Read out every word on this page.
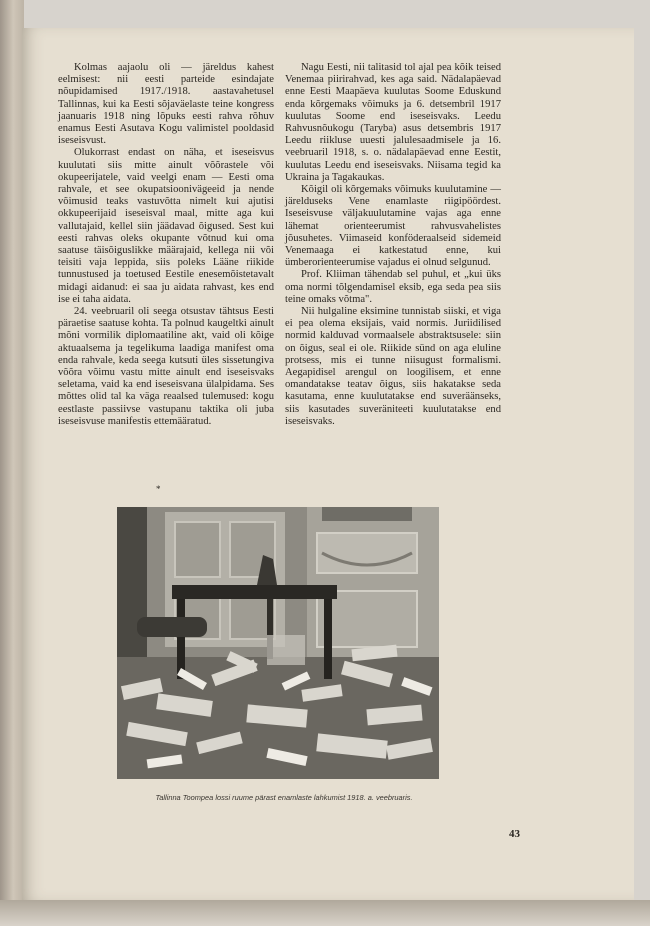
Kolmas aajaolu oli — järeldus kahest eelmisest: nii eesti parteide esindajate nõupidamised 1917./1918. aastavahetusel Tallinnas, kui ka Eesti sõjaväelaste teine kongress jaanuaris 1918 ning lõpuks eesti rahva rõhuv enamus Eesti Asutava Kogu valimistel pooldasid iseseisvust.

Olukorrast endast on näha, et iseseisvus kuulutati siis mitte ainult võõrastele või okupeerijatele, vaid veelgi enam — Eesti oma rahvale, et see okupatsioonivägeeid ja nende võimusid teaks vastuvõtta nimelt kui ajutisi okkupeerijaid iseseisval maal, mitte aga kui vallutajaid, kellel siin jäädavad õigused. Sest kui eesti rahvas oleks okupante võtnud kui oma saatuse täisõiguslikke määrajaid, kellega nii või teisiti vaja leppida, siis poleks Lääne riikide tunnustused ja toetused Eestile enesemõistetavalt midagi aidanud: ei saa ju aidata rahvast, kes end ise ei taha aidata.

24. veebruaril oli seega otsustav tähtsus Eesti päraetise saatuse kohta. Ta polnud kaugeltki ainult mõni vormilik diplomaatiline akt, vaid oli kõige aktuaalsema ja tegelikuma laadiga manifest oma enda rahvale, keda seega kutsuti üles sissetungiva võõra võimu vastu mitte ainult end iseseisvaks seletama, vaid ka end iseseisvana ülalpidama. Ses mõttes olid tal ka väga reaalsed tulemused: kogu eestlaste passiivse vastupanu taktika oli juba iseseisvuse manifestis ettemääratud.

*

Nagu Eesti, nii talitasid tol ajal pea kõik teised Venemaa piirirahvad, kes aga said. Nädalapäevad enne Eesti Maapäeva kuulutas Soome Eduskund enda kõrgemaks võimuks ja 6. detsembril 1917 kuulutas Soome end iseseisvaks. Leedu Rahvusnõukogu (Taryba) asus detsembris 1917 Leedu riikluse uuesti jalulesaadmisele ja 16. veebruaril 1918, s. o. nädalapäevad enne Eestit, kuulutas Leedu end iseseisvaks. Niisama tegid ka Ukraina ja Tagakaukas.

Kõigil oli kõrgemaks võimuks kuulutamine — järelduseks Vene enamlaste riigipöördest. Iseseisvuse väljakuulutamine vajas aga enne lähemat orienteerumist rahvusvahelistes jõusuhetes. Viimaseid konföderaalseid sidemeid Venemaaga ei katkestatud enne, kui ümberorienteerumise vajadus ei olnud selgunud.

Prof. Kliiman tähendab sel puhul, et „kui üks oma normi tõlgendamisel eksib, ega seda pea siis teine omaks võtma".

Nii hulgaline eksimine tunnistab siiski, et viga ei pea olema eksijais, vaid normis. Juriidilised normid kalduvad vormaalsele abstraktsusele: siin on õigus, seal ei ole. Riikide sünd on aga eluline protsess, mis ei tunne niisugust formalismi. Aegapidisel arengul on loogilisem, et enne omandatakse teatav õigus, siis hakatakse seda kasutama, enne kuulutatakse end suveräänseks, siis kasutades suveräniteeti kuulutatakse end iseseisvaks.

Tallinna Toompea lossi ruume pärast enamlaste lahkumist 1918. a. veebruaris.
43
